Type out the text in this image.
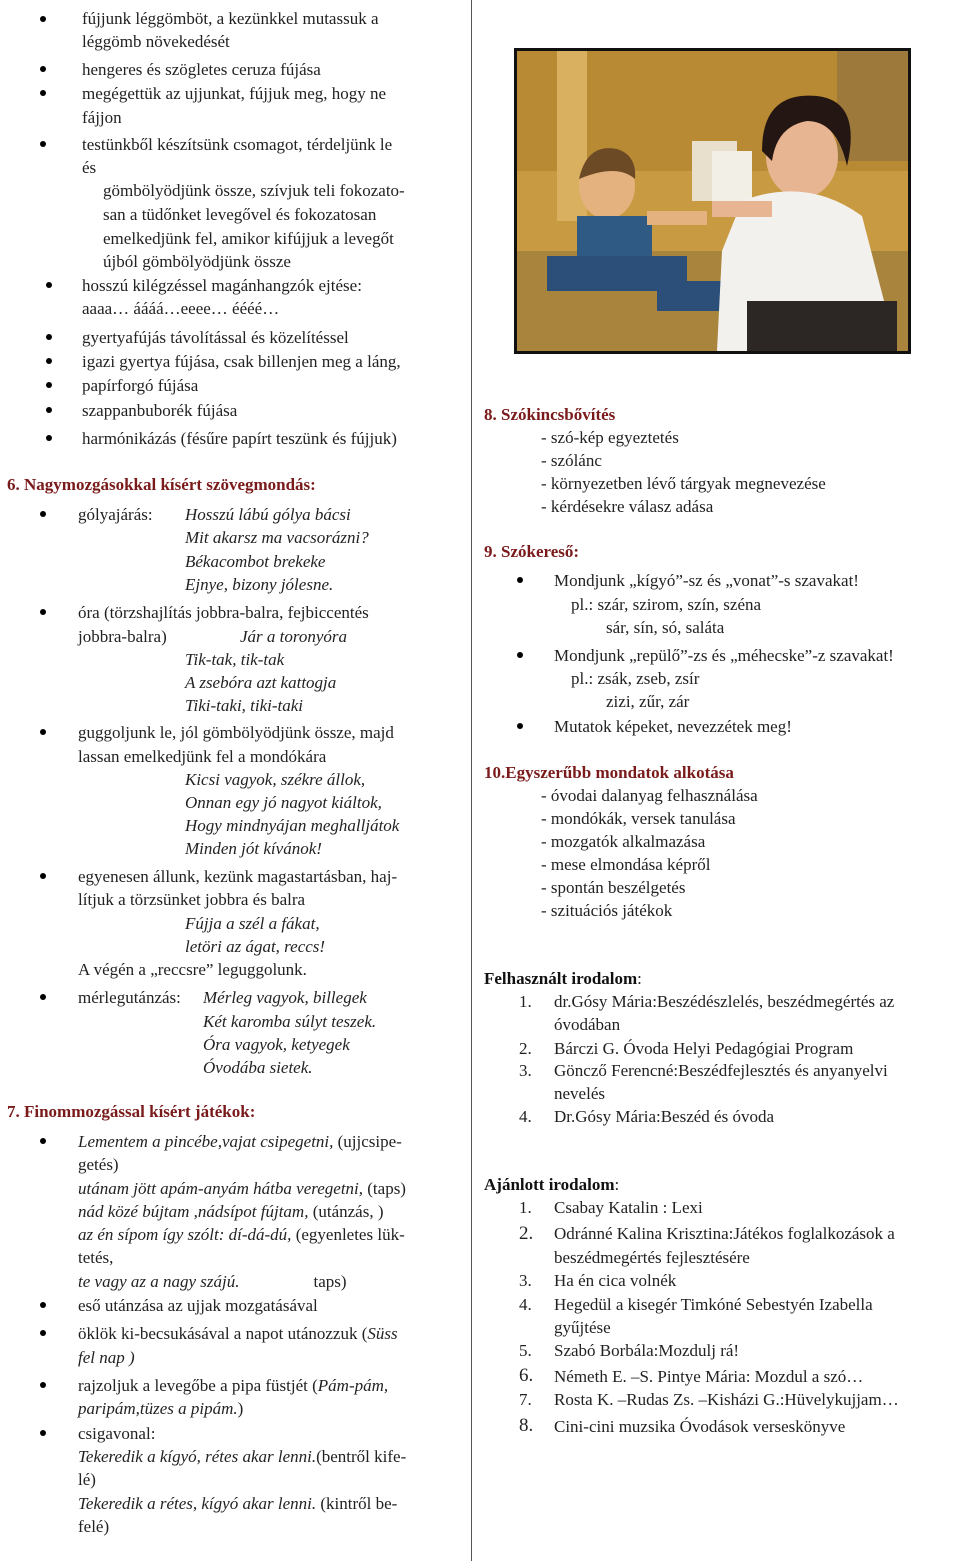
fújjunk léggömböt, a kezünkkel mutassuk a
léggömb növekedését
hengeres és szögletes ceruza fújása
megégettük az ujjunkat, fújjuk meg, hogy ne
fájjon
testünkből készítsünk csomagot, térdeljünk le
és
gömbölyödjünk össze, szívjuk teli fokozato-
san a tüdőnket levegővel és fokozatosan
emelkedjünk fel, amikor kifújjuk a levegőt
újból gömbölyödjünk össze
hosszú kilégzéssel magánhangzók ejtése:
aaaa… áááá…eeee… éééé…
gyertyafújás távolítással és közelítéssel
igazi gyertya fújása, csak billenjen meg a láng,
papírforgó fújása
szappanbuborék fújása
harmónikázás (fésűre papírt teszünk és fújjuk)
6. Nagymozgásokkal kísért szövegmondás:
gólyajárás: Hosszú lábú gólya bácsi
Mit akarsz ma vacsorázni?
Békacombot brekeke
Ejnye, bizony jólesne.
óra (törzshajlítás jobbra-balra, fejbiccentés
jobbra-balra)	Jár a toronyóra
Tik-tak, tik-tak
A zsebóra azt kattogja
Tiki-taki, tiki-taki
guggoljunk le, jól gömbölyödjünk össze, majd
lassan emelkedjünk fel a mondókára
Kicsi vagyok, székre állok,
Onnan egy jó nagyot kiáltok,
Hogy mindnyájan meghalljátok
Minden jót kívánok!
egyenesen állunk, kezünk magastartásban, haj-
lítjuk a törzsünket jobbra és balra
Fújja a szél a fákat,
letöri az ágat, reccs!
A végén a „reccsre” leguggolunk.
mérlegutánzás: Mérleg vagyok, billegek
Két karomba súlyt teszek.
Óra vagyok, ketyegek
Óvodába sietek.
7. Finommozgással kísért játékok:
Lementem a pincébe,vajat csipegetni, (ujjcsipe-
getés)
utánam jött apám-anyám hátba veregetni, (taps)
nád közé bújtam ,nádsípot fújtam, (utánzás, )
az én sípom így szólt: dí-dá-dú, (egyenletes lük-
tetés,
te vagy az a nagy szájú.	taps)
eső utánzása az ujjak mozgatásával
öklök ki-becsukásával a napot utánozzuk (Süss
fel nap )
rajzoljuk a levegőbe a pipa füstjét (Pám-pám,
paripám,tüzes a pipám.)
csigavonal:
Tekeredik a kígyó, rétes akar lenni.(bentről kife-
lé)
Tekeredik a rétes, kígyó akar lenni. (kintről be-
felé)
8. Szókincsbővítés
- szó-kép egyeztetés
- szólánc
- környezetben lévő tárgyak megnevezése
- kérdésekre válasz adása
9. Szókereső:
Mondjunk „kígyó”-sz és „vonat”-s szavakat!
pl.: szár, szirom, szín, széna
sár, sín, só, saláta
Mondjunk „repülő”-zs és „méhecske”-z szavakat!
pl.: zsák, zseb, zsír
zizi, zűr, zár
Mutatok képeket, nevezzétek meg!
10.Egyszerűbb mondatok alkotása
- óvodai dalanyag felhasználása
- mondókák, versek tanulása
- mozgatók alkalmazása
- mese elmondása képről
- spontán beszélgetés
- szituációs játékok
Felhasznált irodalom:
1. dr.Gósy Mária:Beszédészlelés, beszédmegértés az
óvodában
2. Bárczi G. Óvoda Helyi Pedagógiai Program
3. Göncző Ferencné:Beszédfejlesztés és anyanyelvi
nevelés
4. Dr.Gósy Mária:Beszéd és óvoda
Ajánlott irodalom:
1. Csabay Katalin : Lexi
2. Odránné Kalina Krisztina:Játékos foglalkozások a
beszédmegértés fejlesztésére
3. Ha én cica volnék
4. Hegedül a kisegér Timkóné Sebestyén Izabella
gyűjtése
5. Szabó Borbála:Mozdulj rá!
6. Németh E. –S. Pintye Mária: Mozdul a szó…
7. Rosta K. –Rudas Zs. –Kisházi G.:Hüvelykujjam…
8. Cini-cini muzsika Óvodások verseskönyve
